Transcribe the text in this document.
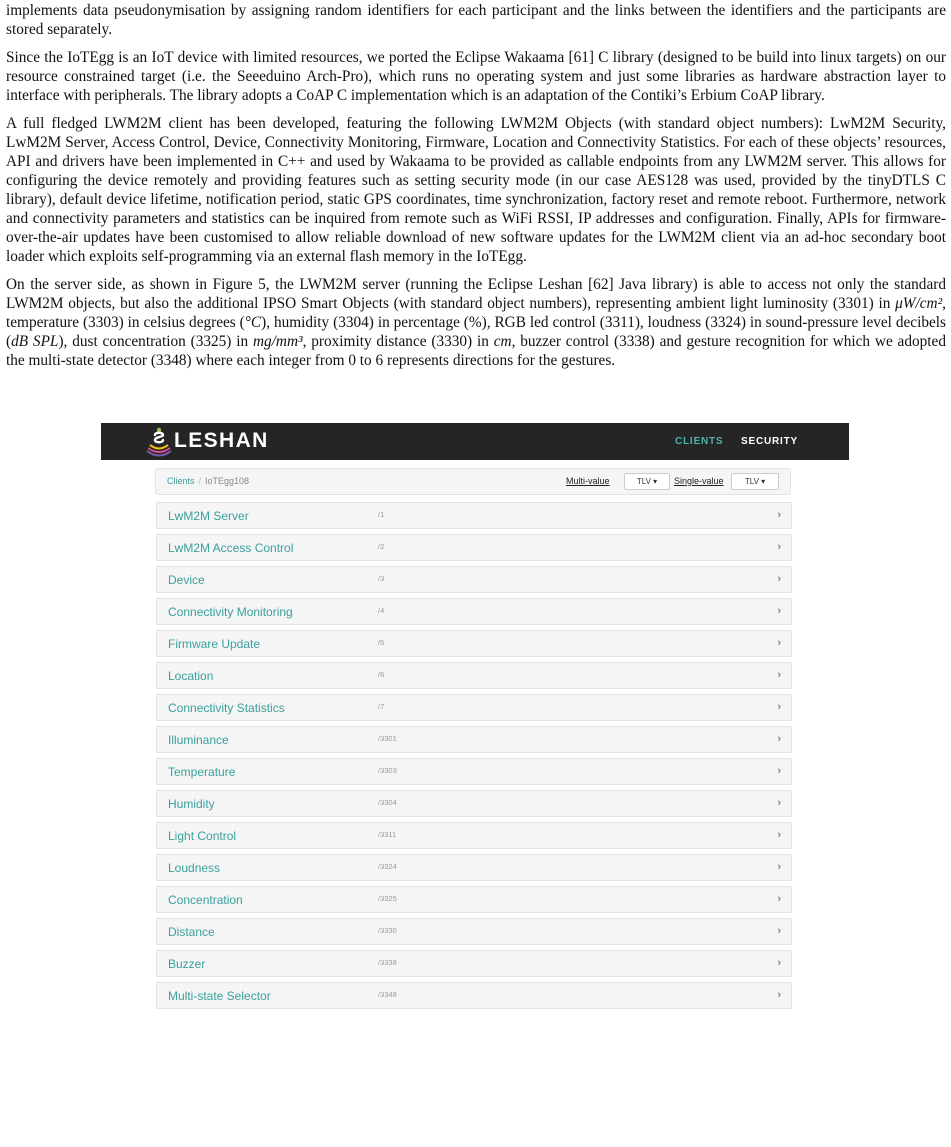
implements data pseudonymisation by assigning random identifiers for each participant and the links between the identifiers and the participants are stored separately.

Since the IoTEgg is an IoT device with limited resources, we ported the Eclipse Wakaama [61] C library (designed to be build into linux targets) on our resource constrained target (i.e. the Seeeduino Arch-Pro), which runs no operating system and just some libraries as hardware abstraction layer to interface with peripherals. The library adopts a CoAP C implementation which is an adaptation of the Contiki’s Erbium CoAP library.

A full fledged LWM2M client has been developed, featuring the following LWM2M Objects (with standard object numbers): LwM2M Security, LwM2M Server, Access Control, Device, Connectivity Monitoring, Firmware, Location and Connectivity Statistics. For each of these objects’ resources, API and drivers have been implemented in C++ and used by Wakaama to be provided as callable endpoints from any LWM2M server. This allows for configuring the device remotely and providing features such as setting security mode (in our case AES128 was used, provided by the tinyDTLS C library), default device lifetime, notification period, static GPS coordinates, time synchronization, factory reset and remote reboot. Furthermore, network and connectivity parameters and statistics can be inquired from remote such as WiFi RSSI, IP addresses and configuration. Finally, APIs for firmware-over-the-air updates have been customised to allow reliable download of new software updates for the LWM2M client via an ad-hoc secondary boot loader which exploits self-programming via an external flash memory in the IoTEgg.

On the server side, as shown in Figure 5, the LWM2M server (running the Eclipse Leshan [62] Java library) is able to access not only the standard LWM2M objects, but also the additional IPSO Smart Objects (with standard object numbers), representing ambient light luminosity (3301) in μW/cm², temperature (3303) in celsius degrees (°C), humidity (3304) in percentage (%), RGB led control (3311), loudness (3324) in sound-pressure level decibels (dB SPL), dust concentration (3325) in mg/mm³, proximity distance (3330) in cm, buzzer control (3338) and gesture recognition for which we adopted the multi-state detector (3348) where each integer from 0 to 6 represents directions for the gestures.

LESHAN	CLIENTS SECURITY
Clients / IoTEgg108	Multi-value	TLV ▾	Single-value	TLV ▾
LwM2M Server	/1	›
LwM2M Access Control	/2	›
Device	/3	›
Connectivity Monitoring	/4	›
Firmware Update	/5	›
Location	/6	›
Connectivity Statistics	/7	›
Illuminance	/3301	›
Temperature	/3303	›
Humidity	/3304	›
Light Control	/3311	›
Loudness	/3324	›
Concentration	/3325	›
Distance	/3330	›
Buzzer	/3338	›
Multi-state Selector	/3348	›
